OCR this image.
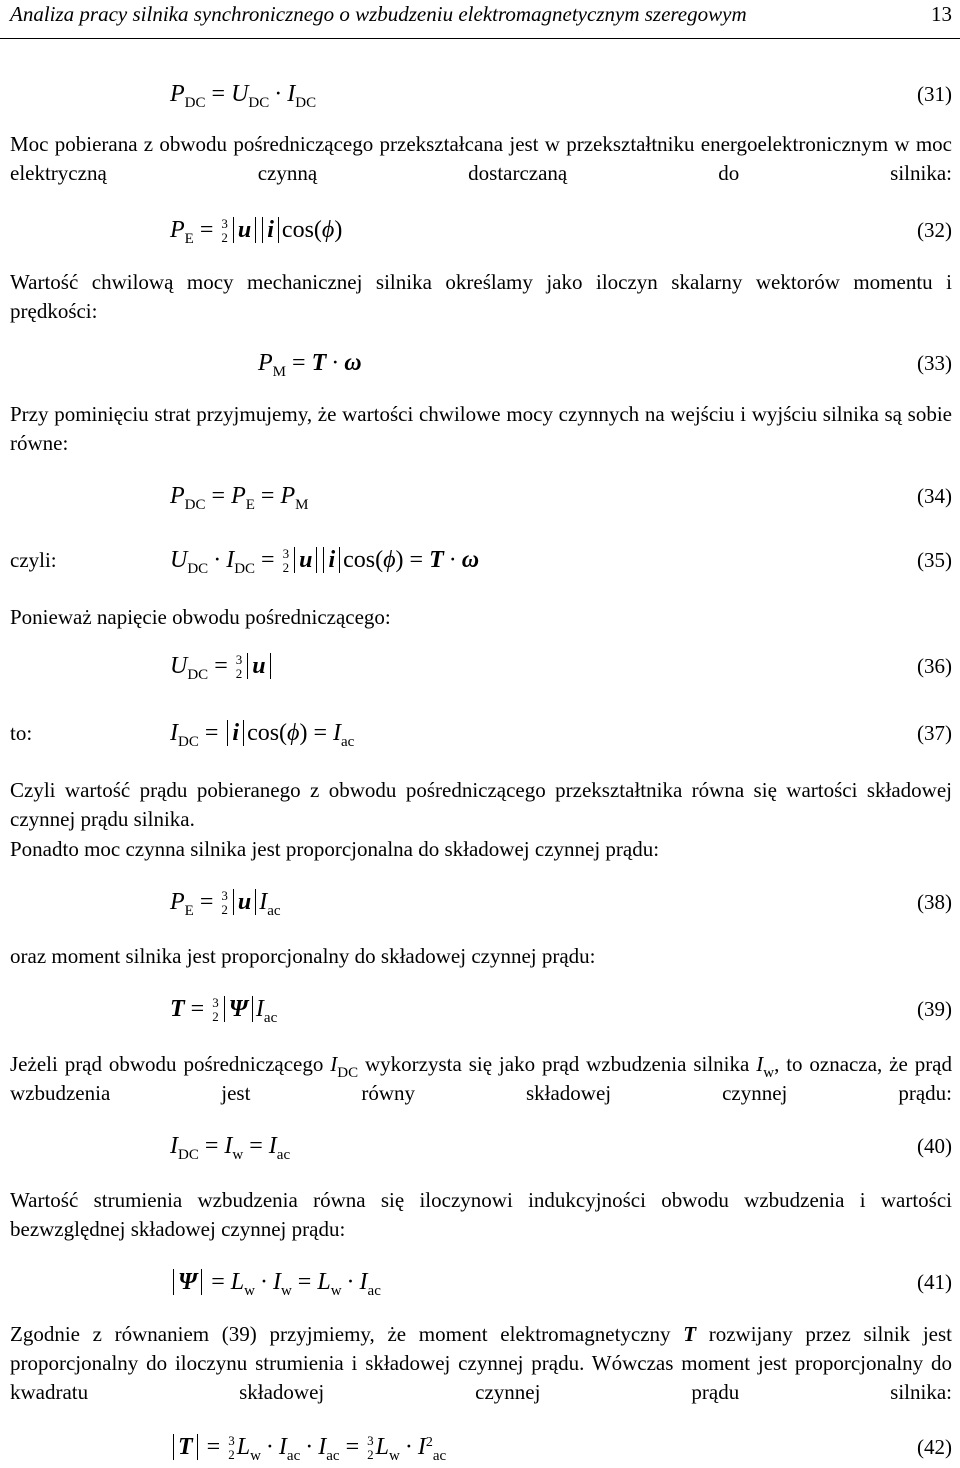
Analiza pracy silnika synchronicznego o wzbudzeniu elektromagnetycznym szeregowym	13
$P_{DC} = U_{DC} \cdot I_{DC}$	(31)
Moc pobierana z obwodu pośredniczącego przekształcana jest w przekształtniku energoelektronicznym w moc elektryczną czynną dostarczaną do silnika:
$P_E = 3$
2 u i cos(ϕ)	(32)
Wartość chwilową mocy mechanicznej silnika określamy jako iloczyn skalarny wektorów momentu i prędkości:
$P_M = T \cdot \omega$	(33)
Przy pominięciu strat przyjmujemy, że wartości chwilowe mocy czynnych na wejściu i wyjściu silnika są sobie równe:
$P_{DC} = P_E = P_M$	(34)
czyli:	$U_{DC} \cdot I_{DC} = 3$
2 u i cos(ϕ) = T · ω	(35)
Ponieważ napięcie obwodu pośredniczącego:
$U_{DC} = 3$
2 u	(36)
to:	$I_{DC} = i$ $\cos(\phi) = I_{ac}$	(37)
Czyli wartość prądu pobieranego z obwodu pośredniczącego przekształtnika równa się wartości składowej czynnej prądu silnika.
Ponadto moc czynna silnika jest proporcjonalna do składowej czynnej prądu:
$P_E = 3$
2 u $I_{ac}$	(38)
oraz moment silnika jest proporcjonalny do składowej czynnej prądu:
T = 3
2 Ψ $I_{ac}$	(39)
Jeżeli prąd obwodu pośredniczącego $I_{DC}$ wykorzysta się jako prąd wzbudzenia silnika $I_w$, to oznacza, że prąd wzbudzenia jest równy składowej czynnej prądu:
$I_{DC} = I_w = I_{ac}$	(40)
Wartość strumienia wzbudzenia równa się iloczynowi indukcyjności obwodu wzbudzenia i wartości bezwzględnej składowej czynnej prądu:
$\Psi = L_w \cdot I_w = L_w \cdot I_{ac}$	(41)
Zgodnie z równaniem (39) przyjmiemy, że moment elektromagnetyczny T rozwijany przez silnik jest proporcjonalny do iloczynu strumienia i składowej czynnej prądu. Wówczas moment jest proporcjonalny do kwadratu składowej czynnej prądu silnika:
T = 3
2 $L_w \cdot I_{ac} \cdot I_{ac} = 3$
2 $L_w \cdot I^2_{ac}$	(42)
